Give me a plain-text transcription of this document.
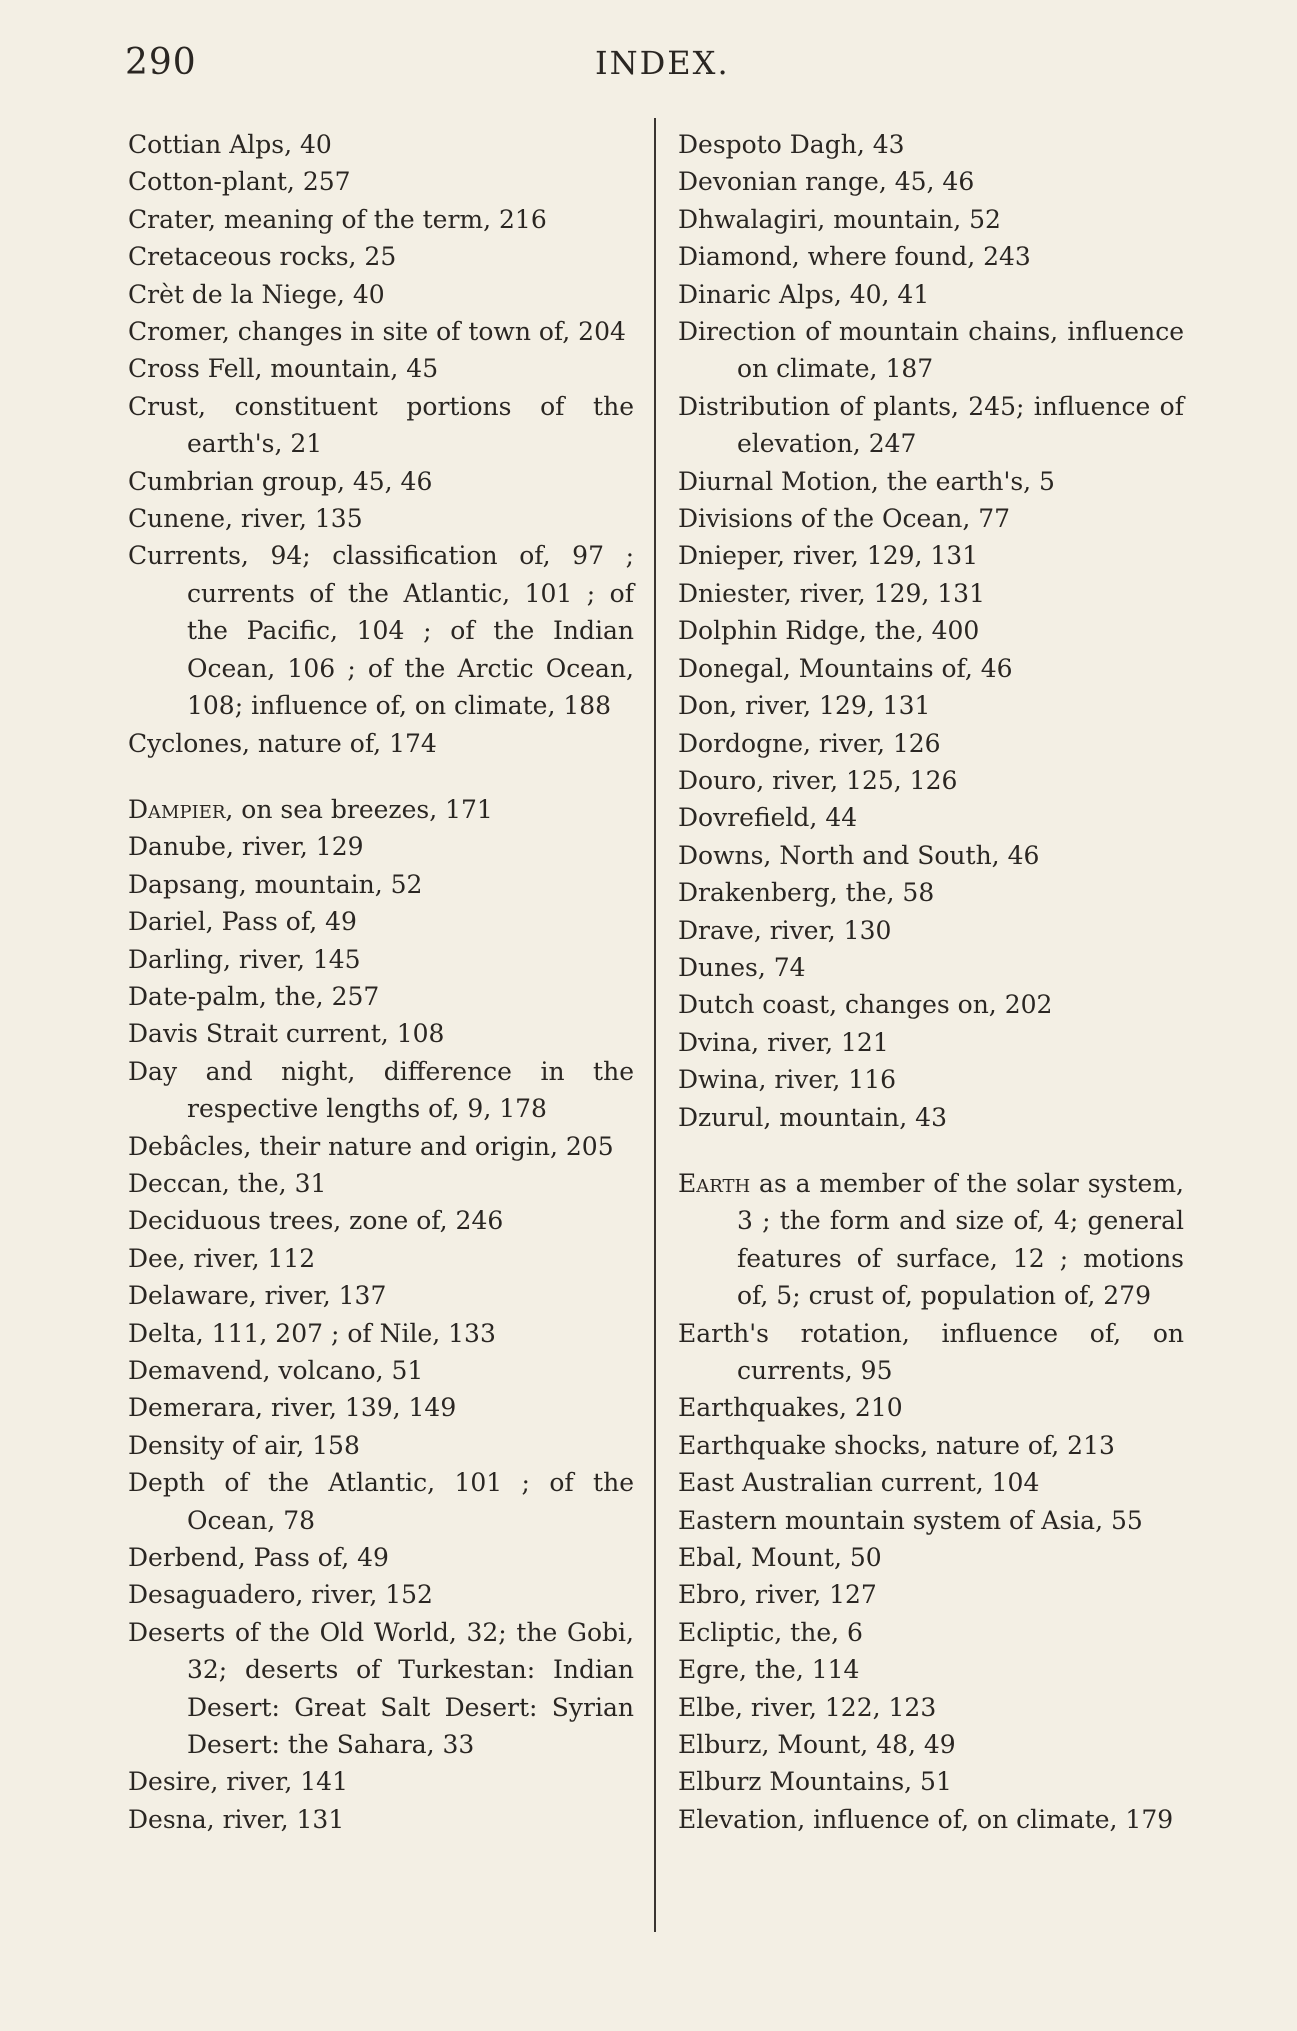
290	INDEX.
Cottian Alps, 40
Cotton-plant, 257
Crater, meaning of the term, 216
Cretaceous rocks, 25
Crèt de la Niege, 40
Cromer, changes in site of town of, 204
Cross Fell, mountain, 45
Crust, constituent portions of the earth's, 21
Cumbrian group, 45, 46
Cunene, river, 135
Currents, 94; classification of, 97 ; currents of the Atlantic, 101 ; of the Pacific, 104 ; of the Indian Ocean, 106 ; of the Arctic Ocean, 108; influence of, on climate, 188
Cyclones, nature of, 174
Dampier, on sea breezes, 171
Danube, river, 129
Dapsang, mountain, 52
Dariel, Pass of, 49
Darling, river, 145
Date-palm, the, 257
Davis Strait current, 108
Day and night, difference in the respective lengths of, 9, 178
Debâcles, their nature and origin, 205
Deccan, the, 31
Deciduous trees, zone of, 246
Dee, river, 112
Delaware, river, 137
Delta, 111, 207 ; of Nile, 133
Demavend, volcano, 51
Demerara, river, 139, 149
Density of air, 158
Depth of the Atlantic, 101 ; of the Ocean, 78
Derbend, Pass of, 49
Desaguadero, river, 152
Deserts of the Old World, 32; the Gobi, 32; deserts of Turkestan: Indian Desert: Great Salt Desert: Syrian Desert: the Sahara, 33
Desire, river, 141
Desna, river, 131
Despoto Dagh, 43
Devonian range, 45, 46
Dhwalagiri, mountain, 52
Diamond, where found, 243
Dinaric Alps, 40, 41
Direction of mountain chains, influence on climate, 187
Distribution of plants, 245; influence of elevation, 247
Diurnal Motion, the earth's, 5
Divisions of the Ocean, 77
Dnieper, river, 129, 131
Dniester, river, 129, 131
Dolphin Ridge, the, 400
Donegal, Mountains of, 46
Don, river, 129, 131
Dordogne, river, 126
Douro, river, 125, 126
Dovrefield, 44
Downs, North and South, 46
Drakenberg, the, 58
Drave, river, 130
Dunes, 74
Dutch coast, changes on, 202
Dvina, river, 121
Dwina, river, 116
Dzurul, mountain, 43
Earth as a member of the solar system, 3 ; the form and size of, 4; general features of surface, 12 ; motions of, 5; crust of, population of, 279
Earth's rotation, influence of, on currents, 95
Earthquakes, 210
Earthquake shocks, nature of, 213
East Australian current, 104
Eastern mountain system of Asia, 55
Ebal, Mount, 50
Ebro, river, 127
Ecliptic, the, 6
Egre, the, 114
Elbe, river, 122, 123
Elburz, Mount, 48, 49
Elburz Mountains, 51
Elevation, influence of, on climate, 179
